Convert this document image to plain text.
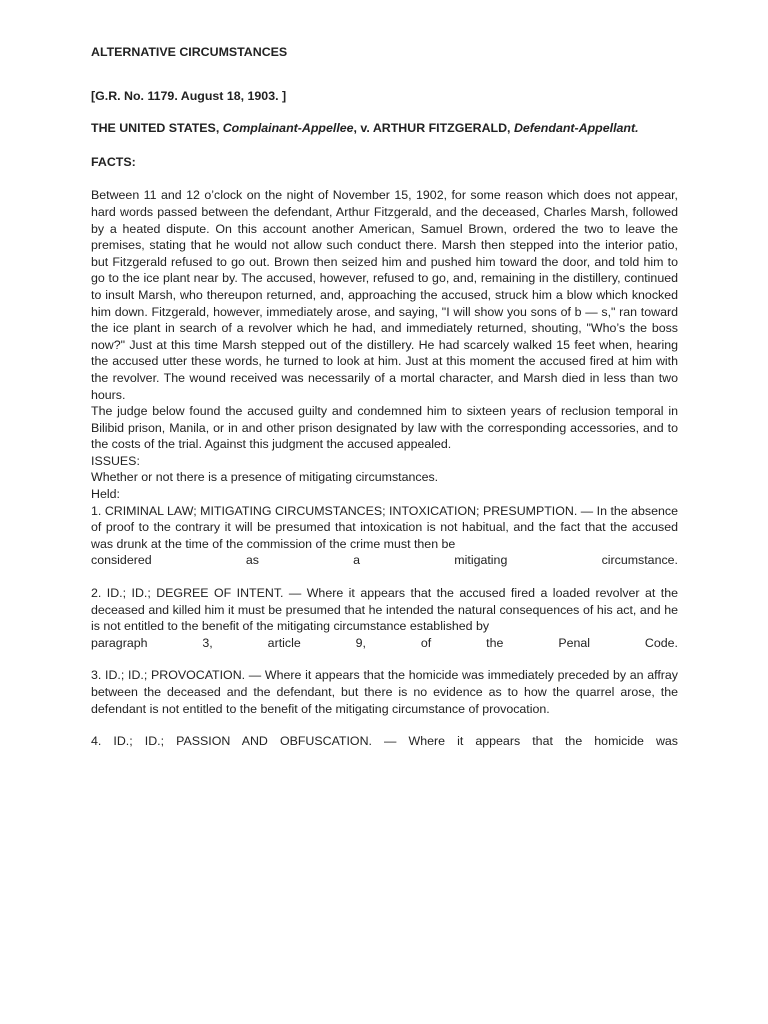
ALTERNATIVE CIRCUMSTANCES

[G.R. No. 1179. August 18, 1903. ]

THE UNITED STATES, Complainant-Appellee, v. ARTHUR FITZGERALD, Defendant-Appellant.

FACTS:

Between 11 and 12 o’clock on the night of November 15, 1902, for some reason which does not appear, hard words passed between the defendant, Arthur Fitzgerald, and the deceased, Charles Marsh, followed by a heated dispute. On this account another American, Samuel Brown, ordered the two to leave the premises, stating that he would not allow such conduct there. Marsh then stepped into the interior patio, but Fitzgerald refused to go out. Brown then seized him and pushed him toward the door, and told him to go to the ice plant near by. The accused, however, refused to go, and, remaining in the distillery, continued to insult Marsh, who thereupon returned, and, approaching the accused, struck him a blow which knocked him down. Fitzgerald, however, immediately arose, and saying, "I will show you sons of b — s," ran toward the ice plant in search of a revolver which he had, and immediately returned, shouting, "Who’s the boss now?" Just at this time Marsh stepped out of the distillery. He had scarcely walked 15 feet when, hearing the accused utter these words, he turned to look at him. Just at this moment the accused fired at him with the revolver. The wound received was necessarily of a mortal character, and Marsh died in less than two hours.

The judge below found the accused guilty and condemned him to sixteen years of reclusion temporal in Bilibid prison, Manila, or in and other prison designated by law with the corresponding accessories, and to the costs of the trial. Against this judgment the accused appealed.

ISSUES:

Whether or not there is a presence of mitigating circumstances.

Held:

1. CRIMINAL LAW; MITIGATING CIRCUMSTANCES; INTOXICATION; PRESUMPTION. — In the absence of proof to the contrary it will be presumed that intoxication is not habitual, and the fact that the accused was drunk at the time of the commission of the crime must then be

considered as a mitigating circumstance.

2. ID.; ID.; DEGREE OF INTENT. — Where it appears that the accused fired a loaded revolver at the deceased and killed him it must be presumed that he intended the natural consequences of his act, and he is not entitled to the benefit of the mitigating circumstance established by

paragraph 3, article 9, of the Penal Code.

3. ID.; ID.; PROVOCATION. — Where it appears that the homicide was immediately preceded by an affray between the deceased and the defendant, but there is no evidence as to how the quarrel arose, the defendant is not entitled to the benefit of the mitigating circumstance of provocation.

4. ID.; ID.; PASSION AND OBFUSCATION. — Where it appears that the homicide was
